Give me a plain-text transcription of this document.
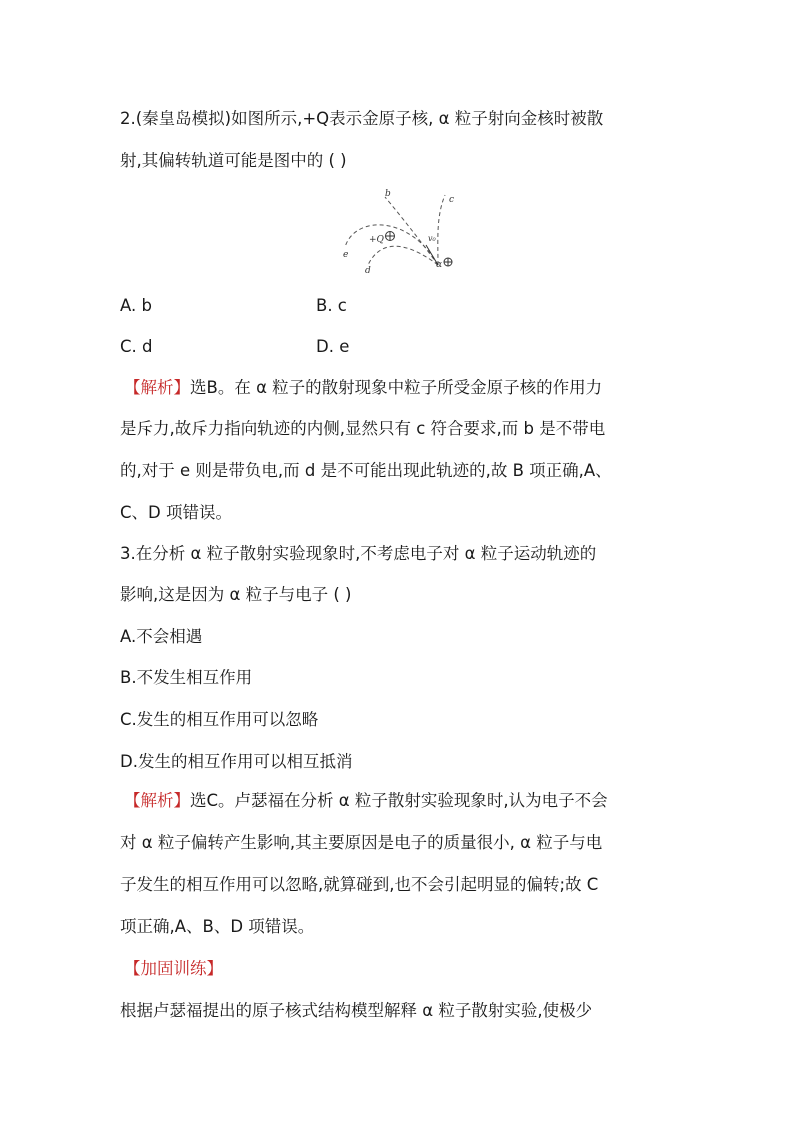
2.(秦皇岛模拟)如图所示,+Q表示金原子核, α 粒子射向金核时被散
射,其偏转轨道可能是图中的 ( )
b
c
e
d
+Q	v₀
α
A. b	B. c
C. d	D. e
【解析】选B。在 α 粒子的散射现象中粒子所受金原子核的作用力
是斥力,故斥力指向轨迹的内侧,显然只有 c 符合要求,而 b 是不带电
的,对于 e 则是带负电,而 d 是不可能出现此轨迹的,故 B 项正确,A、
C、D 项错误。
3.在分析 α 粒子散射实验现象时,不考虑电子对 α 粒子运动轨迹的
影响,这是因为 α 粒子与电子 ( )
A.不会相遇
B.不发生相互作用
C.发生的相互作用可以忽略
D.发生的相互作用可以相互抵消
【解析】选C。卢瑟福在分析 α 粒子散射实验现象时,认为电子不会
对 α 粒子偏转产生影响,其主要原因是电子的质量很小, α 粒子与电
子发生的相互作用可以忽略,就算碰到,也不会引起明显的偏转;故 C
项正确,A、B、D 项错误。
【加固训练】
根据卢瑟福提出的原子核式结构模型解释 α 粒子散射实验,使极少
